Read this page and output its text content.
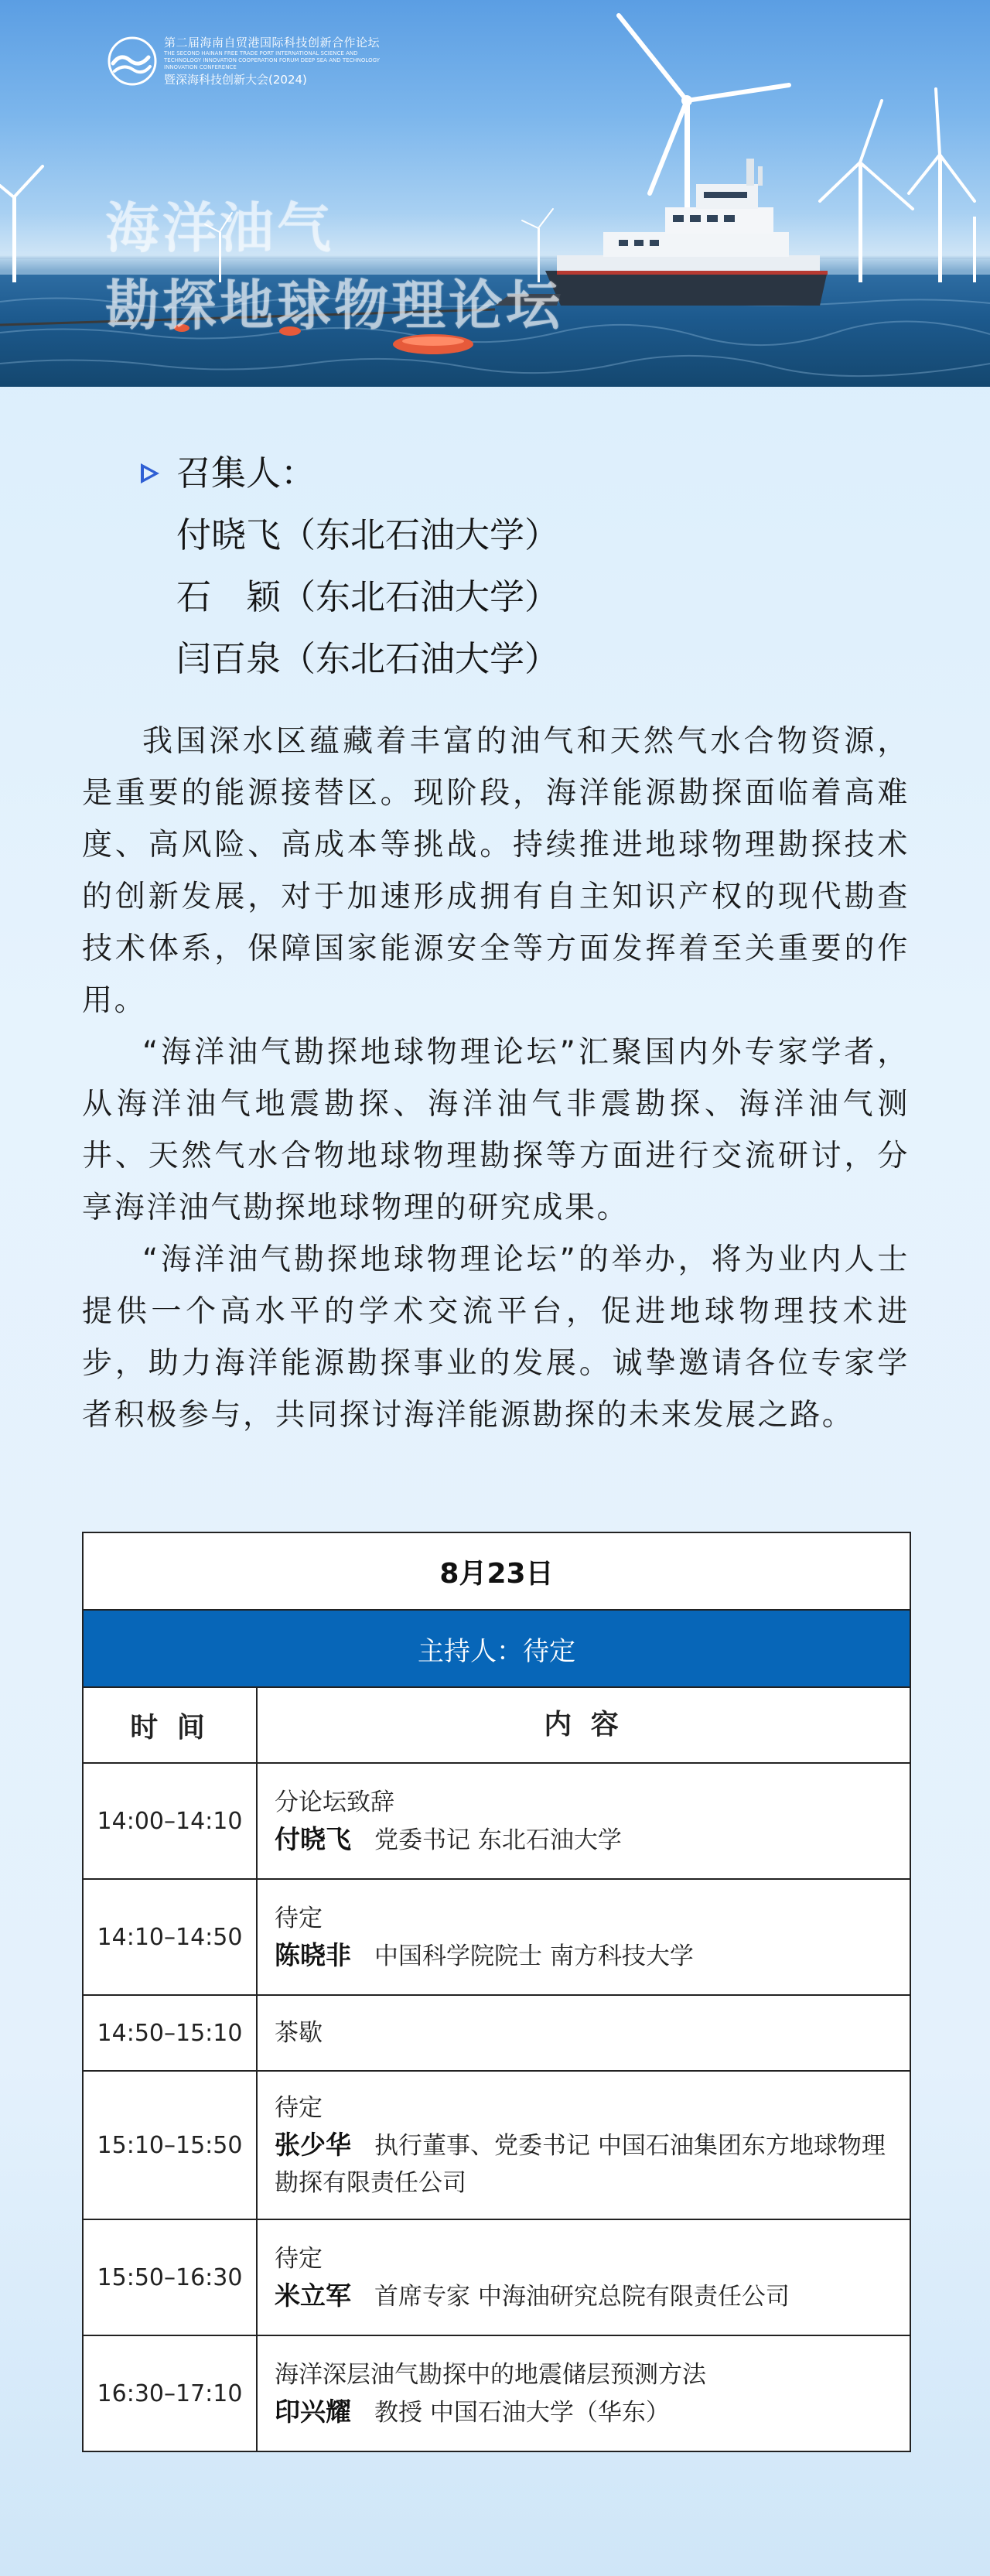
第二届海南自贸港国际科技创新合作论坛
THE SECOND HAINAN FREE TRADE PORT INTERNATIONAL SCIENCE AND TECHNOLOGY INNOVATION COOPERATION FORUM DEEP SEA AND TECHNOLOGY INNOVATION CONFERENCE
暨深海科技创新大会(2024)
海洋油气
勘探地球物理论坛
召集人：
付晓飞（东北石油大学）
石　颖（东北石油大学）
闫百泉（东北石油大学）

我国深水区蕴藏着丰富的油气和天然气水合物资源，是重要的能源接替区。现阶段，海洋能源勘探面临着高难度、高风险、高成本等挑战。持续推进地球物理勘探技术的创新发展，对于加速形成拥有自主知识产权的现代勘查技术体系，保障国家能源安全等方面发挥着至关重要的作用。

“海洋油气勘探地球物理论坛”汇聚国内外专家学者，从海洋油气地震勘探、海洋油气非震勘探、海洋油气测井、天然气水合物地球物理勘探等方面进行交流研讨，分享海洋油气勘探地球物理的研究成果。

“海洋油气勘探地球物理论坛”的举办，将为业内人士提供一个高水平的学术交流平台，促进地球物理技术进步，助力海洋能源勘探事业的发展。诚挚邀请各位专家学者积极参与，共同探讨海洋能源勘探的未来发展之路。

8月23日
主持人：待定
时 间	内 容
14:00–14:10
分论坛致辞
付晓飞 党委书记 东北石油大学
14:10–14:50
待定
陈晓非 中国科学院院士 南方科技大学
14:50–15:10	茶歇
15:10–15:50
待定
张少华 执行董事、党委书记 中国石油集团东方地球物理勘探有限责任公司
15:50–16:30
待定
米立军 首席专家 中海油研究总院有限责任公司
16:30–17:10
海洋深层油气勘探中的地震储层预测方法
印兴耀 教授 中国石油大学（华东）
